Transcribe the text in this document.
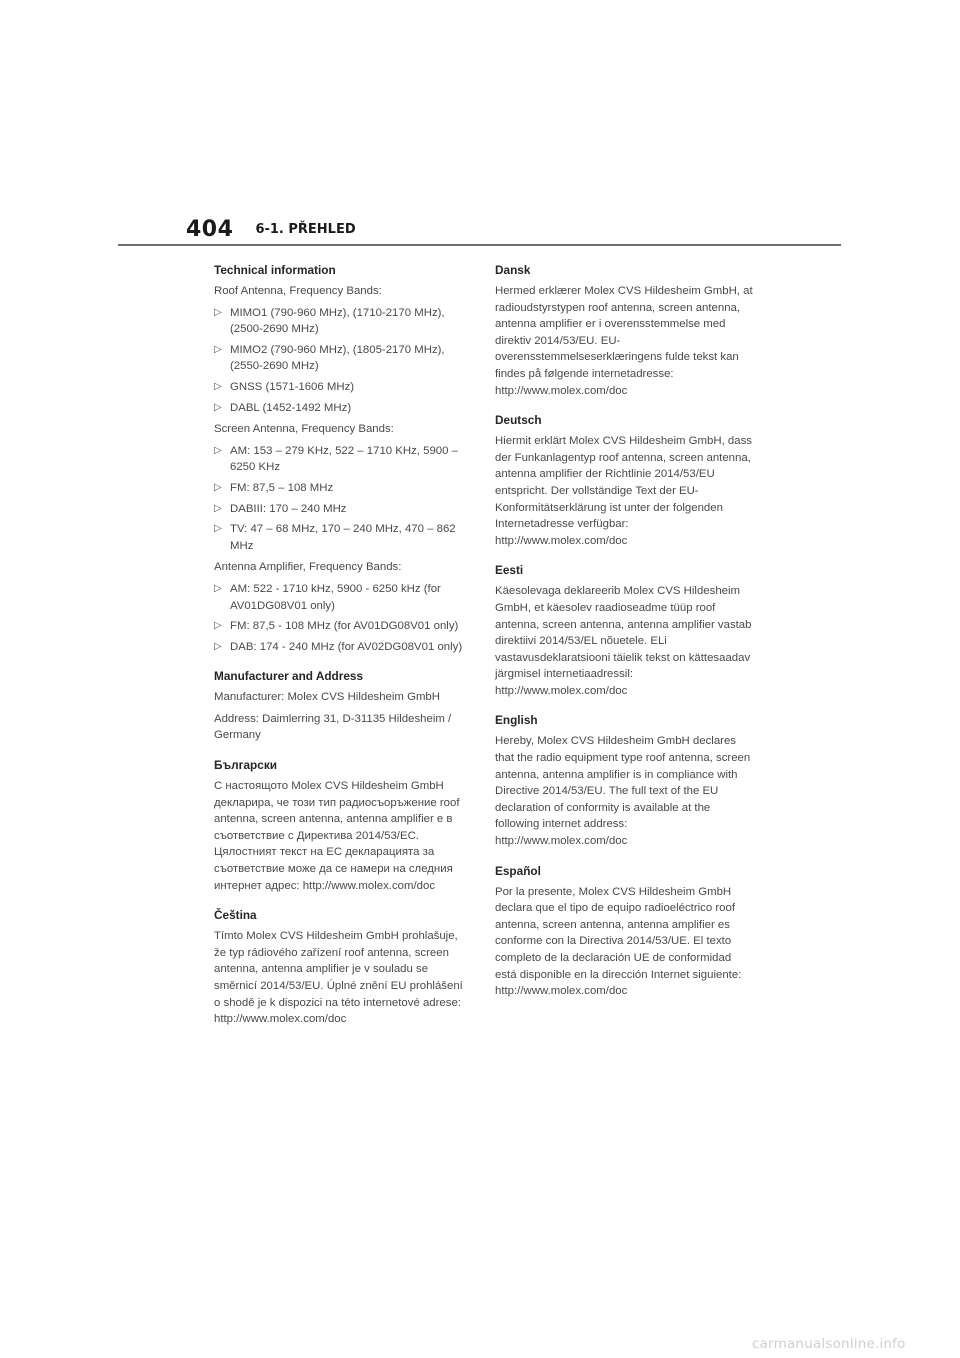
404 6-1. PŘEHLED
Technical information

Roof Antenna, Frequency Bands:

▷ MIMO1 (790-960 MHz), (1710-2170 MHz), (2500-2690 MHz)
▷ MIMO2 (790-960 MHz), (1805-2170 MHz), (2550-2690 MHz)
▷ GNSS (1571-1606 MHz)
▷ DABL (1452-1492 MHz)

Screen Antenna, Frequency Bands:

▷ AM: 153 – 279 KHz, 522 – 1710 KHz, 5900 – 6250 KHz
▷ FM: 87,5 – 108 MHz
▷ DABIII: 170 – 240 MHz
▷ TV: 47 – 68 MHz, 170 – 240 MHz, 470 – 862 MHz

Antenna Amplifier, Frequency Bands:

▷ AM: 522 - 1710 kHz, 5900 - 6250 kHz (for AV01DG08V01 only)
▷ FM: 87,5 - 108 MHz (for AV01DG08V01 only)
▷ DAB: 174 - 240 MHz (for AV02DG08V01 only)
Manufacturer and Address

Manufacturer: Molex CVS Hildesheim GmbH

Address: Daimlerring 31, D-31135 Hildesheim / Germany

Български

С настоящото Molex CVS Hildesheim GmbH декларира, че този тип радиосъоръжение roof antenna, screen antenna, antenna amplifier е в съответствие с Директива 2014/53/ЕС. Цялостният текст на ЕС декларацията за съответствие може да се намери на следния интернет адрес: http://www.molex.com/doc

Čeština

Tímto Molex CVS Hildesheim GmbH prohlašuje, že typ rádiového zařízení roof antenna, screen antenna, antenna amplifier je v souladu se směrnicí 2014/53/EU. Úplné znění EU prohlášení o shodě je k dispozici na této internetové adrese: http://www.molex.com/doc

Dansk

Hermed erklærer Molex CVS Hildesheim GmbH, at radioudstyrstypen roof antenna, screen antenna, antenna amplifier er i overensstemmelse med direktiv 2014/53/EU. EU-overensstemmelseserklæringens fulde tekst kan findes på følgende internetadresse: http://www.molex.com/doc

Deutsch

Hiermit erklärt Molex CVS Hildesheim GmbH, dass der Funkanlagentyp roof antenna, screen antenna, antenna amplifier der Richtlinie 2014/53/EU entspricht. Der vollständige Text der EU-Konformitätserklärung ist unter der folgenden Internetadresse verfügbar: http://www.molex.com/doc

Eesti

Käesolevaga deklareerib Molex CVS Hildesheim GmbH, et käesolev raadioseadme tüüp roof antenna, screen antenna, antenna amplifier vastab direktiivi 2014/53/EL nõuetele. ELi vastavusdeklaratsiooni täielik tekst on kättesaadav järgmisel internetiaadressil: http://www.molex.com/doc

English

Hereby, Molex CVS Hildesheim GmbH declares that the radio equipment type roof antenna, screen antenna, antenna amplifier is in compliance with Directive 2014/53/EU. The full text of the EU declaration of conformity is available at the following internet address: http://www.molex.com/doc

Español

Por la presente, Molex CVS Hildesheim GmbH declara que el tipo de equipo radioeléctrico roof antenna, screen antenna, antenna amplifier es conforme con la Directiva 2014/53/UE. El texto completo de la declaración UE de conformidad está disponible en la dirección Internet siguiente: http://www.molex.com/doc

carmanualsonline.info
